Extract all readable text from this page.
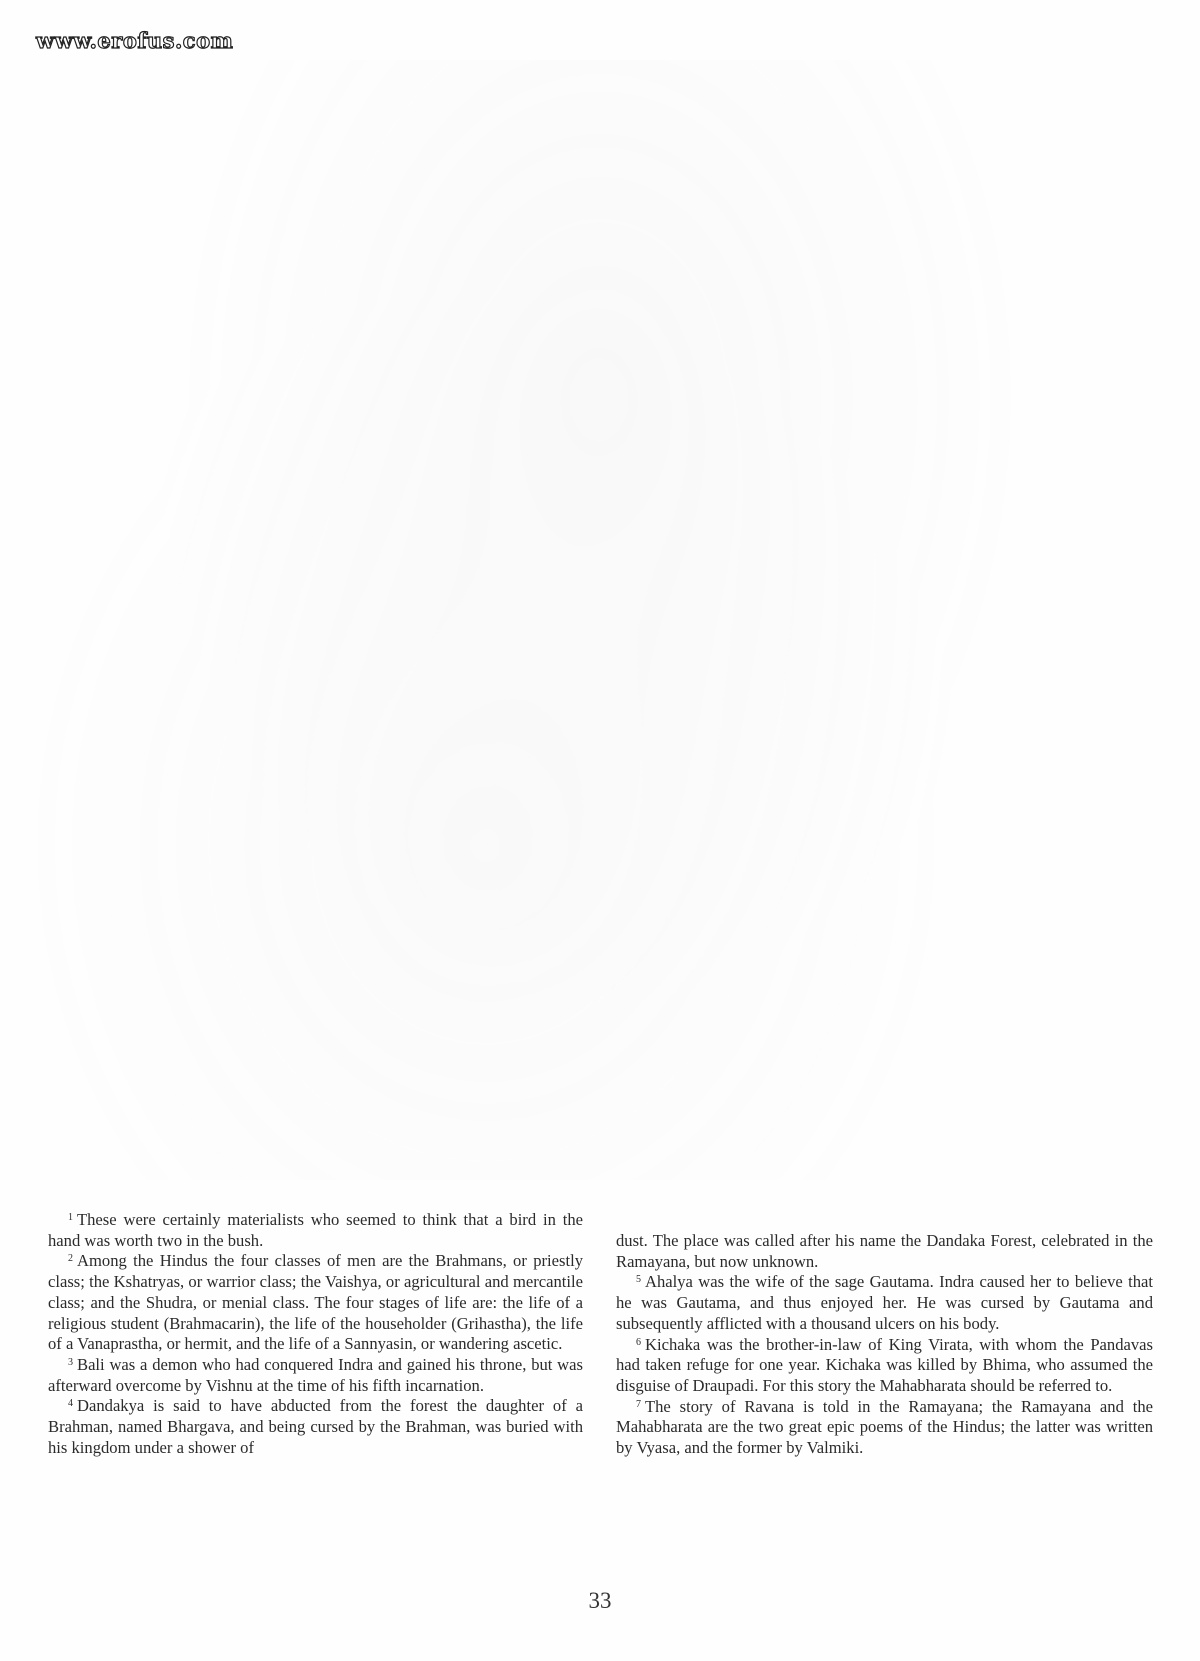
www.erofus.com

$^1$ These were certainly materialists who seemed to think that a bird in the hand was worth two in the bush.

$^2$ Among the Hindus the four classes of men are the Brahmans, or priestly class; the Kshatryas, or warrior class; the Vaishya, or agricultural and mercantile class; and the Shudra, or menial class. The four stages of life are: the life of a religious student (Brahmacarin), the life of the householder (Grihastha), the life of a Vanaprastha, or hermit, and the life of a Sannyasin, or wandering ascetic.

$^3$ Bali was a demon who had conquered Indra and gained his throne, but was afterward overcome by Vishnu at the time of his fifth incarnation.

$^4$ Dandakya is said to have abducted from the forest the daughter of a Brahman, named Bhargava, and being cursed by the Brahman, was buried with his kingdom under a shower of

dust. The place was called after his name the Dandaka Forest, celebrated in the Ramayana, but now unknown.

$^5$ Ahalya was the wife of the sage Gautama. Indra caused her to believe that he was Gautama, and thus enjoyed her. He was cursed by Gautama and subsequently afflicted with a thousand ulcers on his body.

$^6$ Kichaka was the brother-in-law of King Virata, with whom the Pandavas had taken refuge for one year. Kichaka was killed by Bhima, who assumed the disguise of Draupadi. For this story the Mahabharata should be referred to.

$^7$ The story of Ravana is told in the Ramayana; the Ramayana and the Mahabharata are the two great epic poems of the Hindus; the latter was written by Vyasa, and the former by Valmiki.

33
